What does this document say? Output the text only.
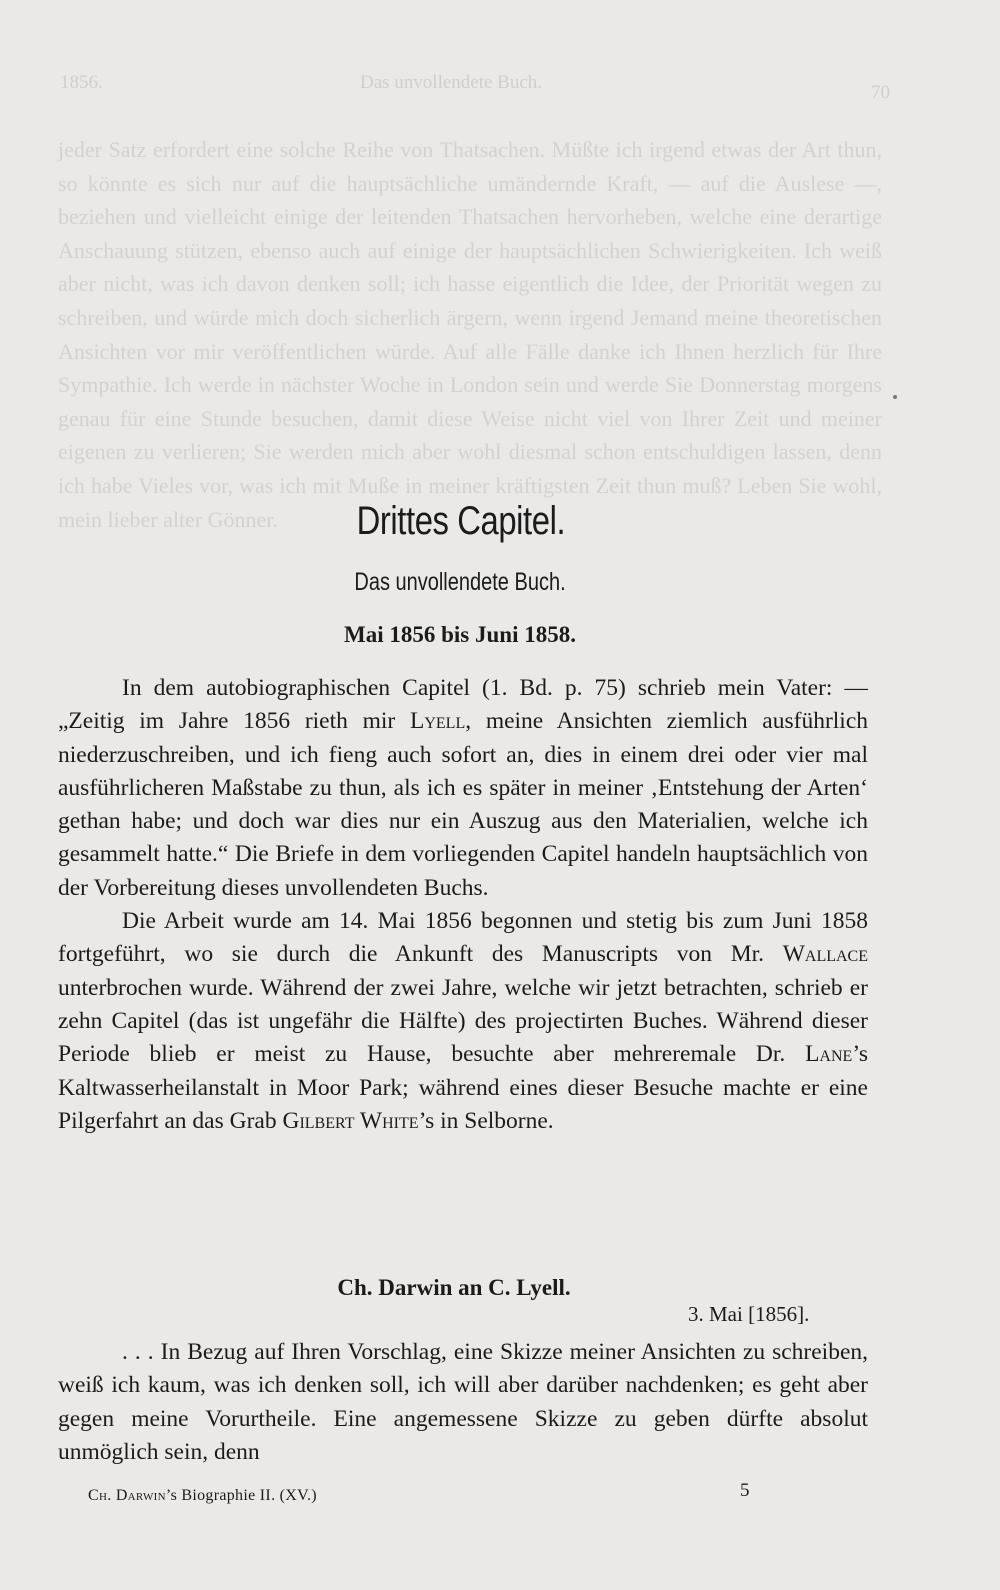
1856.	Das unvollendete Buch.	70
jeder Satz erfordert eine solche Reihe von Thatsachen. Müßte ich irgend etwas der Art thun, so könnte es sich nur auf die hauptsächliche umändernde Kraft, — auf die Auslese —, beziehen und vielleicht einige der leitenden Thatsachen hervorheben, welche eine derartige Anschauung stützen, ebenso auch auf einige der hauptsächlichen Schwierigkeiten. Ich weiß aber nicht, was ich davon denken soll; ich hasse eigentlich die Idee, der Priorität wegen zu schreiben, und würde mich doch sicherlich ärgern, wenn irgend Jemand meine theoretischen Ansichten vor mir veröffentlichen würde. Auf alle Fälle danke ich Ihnen herzlich für Ihre Sympathie. Ich werde in nächster Woche in London sein und werde Sie Donnerstag morgens genau für eine Stunde besuchen, damit diese Weise nicht viel von Ihrer Zeit und meiner eigenen zu verlieren; Sie werden mich aber wohl diesmal schon entschuldigen lassen, denn ich habe Vieles vor, was ich mit Muße in meiner kräftigsten Zeit thun muß? Leben Sie wohl, mein lieber alter Gönner.	Drittes Capitel.
Das unvollendete Buch.
Mai 1856 bis Juni 1858.

In dem autobiographischen Capitel (1. Bd. p. 75) schrieb mein Vater: — „Zeitig im Jahre 1856 rieth mir Lyell, meine Ansichten ziemlich ausführlich niederzuschreiben, und ich fieng auch sofort an, dies in einem drei oder vier mal ausführlicheren Maßstabe zu thun, als ich es später in meiner ‚Entstehung der Arten‘ gethan habe; und doch war dies nur ein Auszug aus den Materialien, welche ich gesammelt hatte.“ Die Briefe in dem vorliegenden Capitel handeln hauptsächlich von der Vorbereitung dieses unvollendeten Buchs.

Die Arbeit wurde am 14. Mai 1856 begonnen und stetig bis zum Juni 1858 fortgeführt, wo sie durch die Ankunft des Manuscripts von Mr. Wallace unterbrochen wurde. Während der zwei Jahre, welche wir jetzt betrachten, schrieb er zehn Capitel (das ist ungefähr die Hälfte) des projectirten Buches. Während dieser Periode blieb er meist zu Hause, besuchte aber mehreremale Dr. Lane’s Kaltwasserheilanstalt in Moor Park; während eines dieser Besuche machte er eine Pilgerfahrt an das Grab Gilbert White’s in Selborne.

Ch. Darwin an C. Lyell.
3. Mai [1856].

. . . In Bezug auf Ihren Vorschlag, eine Skizze meiner Ansichten zu schreiben, weiß ich kaum, was ich denken soll, ich will aber darüber nachdenken; es geht aber gegen meine Vorurtheile. Eine angemessene Skizze zu geben dürfte absolut unmöglich sein, denn

Ch. Darwin’s Biographie II. (XV.)	5
